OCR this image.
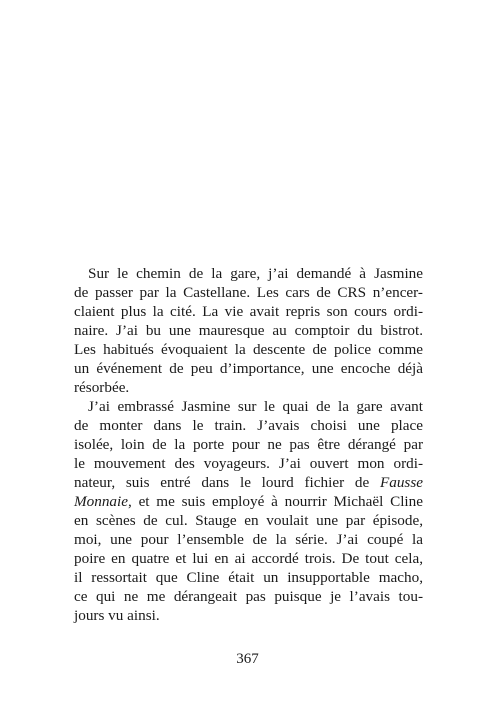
Sur le chemin de la gare, j’ai demandé à Jasmine
de passer par la Castellane. Les cars de CRS n’encer-
claient plus la cité. La vie avait repris son cours ordi-
naire. J’ai bu une mauresque au comptoir du bistrot.
Les habitués évoquaient la descente de police comme
un événement de peu d’importance, une encoche déjà
résorbée.
J’ai embrassé Jasmine sur le quai de la gare avant
de monter dans le train. J’avais choisi une place
isolée, loin de la porte pour ne pas être dérangé par
le mouvement des voyageurs. J’ai ouvert mon ordi-
nateur, suis entré dans le lourd fichier de Fausse
Monnaie, et me suis employé à nourrir Michaël Cline
en scènes de cul. Stauge en voulait une par épisode,
moi, une pour l’ensemble de la série. J’ai coupé la
poire en quatre et lui en ai accordé trois. De tout cela,
il ressortait que Cline était un insupportable macho,
ce qui ne me dérangeait pas puisque je l’avais tou-
jours vu ainsi.
367
